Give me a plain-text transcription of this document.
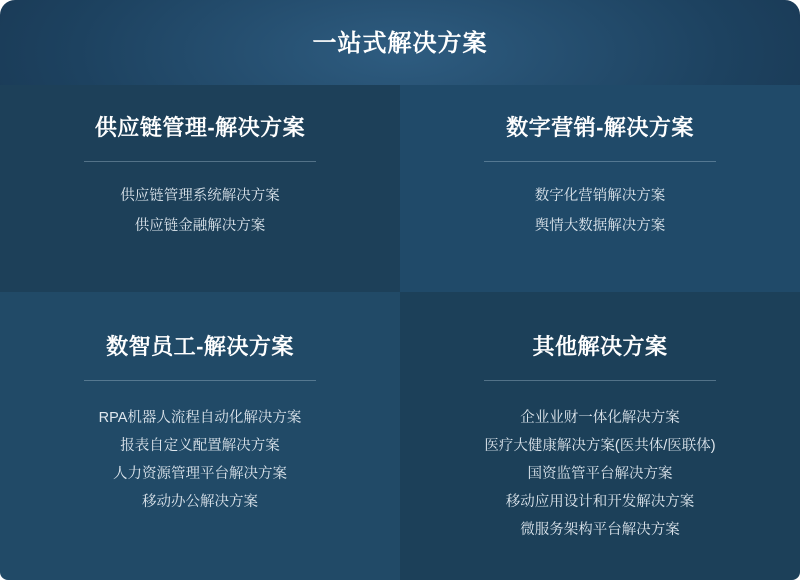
一站式解决方案
供应链管理-解决方案
供应链管理系统解决方案
供应链金融解决方案
数字营销-解决方案
数字化营销解决方案
舆情大数据解决方案
数智员工-解决方案
RPA机器人流程自动化解决方案
报表自定义配置解决方案
人力资源管理平台解决方案
移动办公解决方案
其他解决方案
企业业财一体化解决方案
医疗大健康解决方案(医共体/医联体)
国资监管平台解决方案
移动应用设计和开发解决方案
微服务架构平台解决方案
